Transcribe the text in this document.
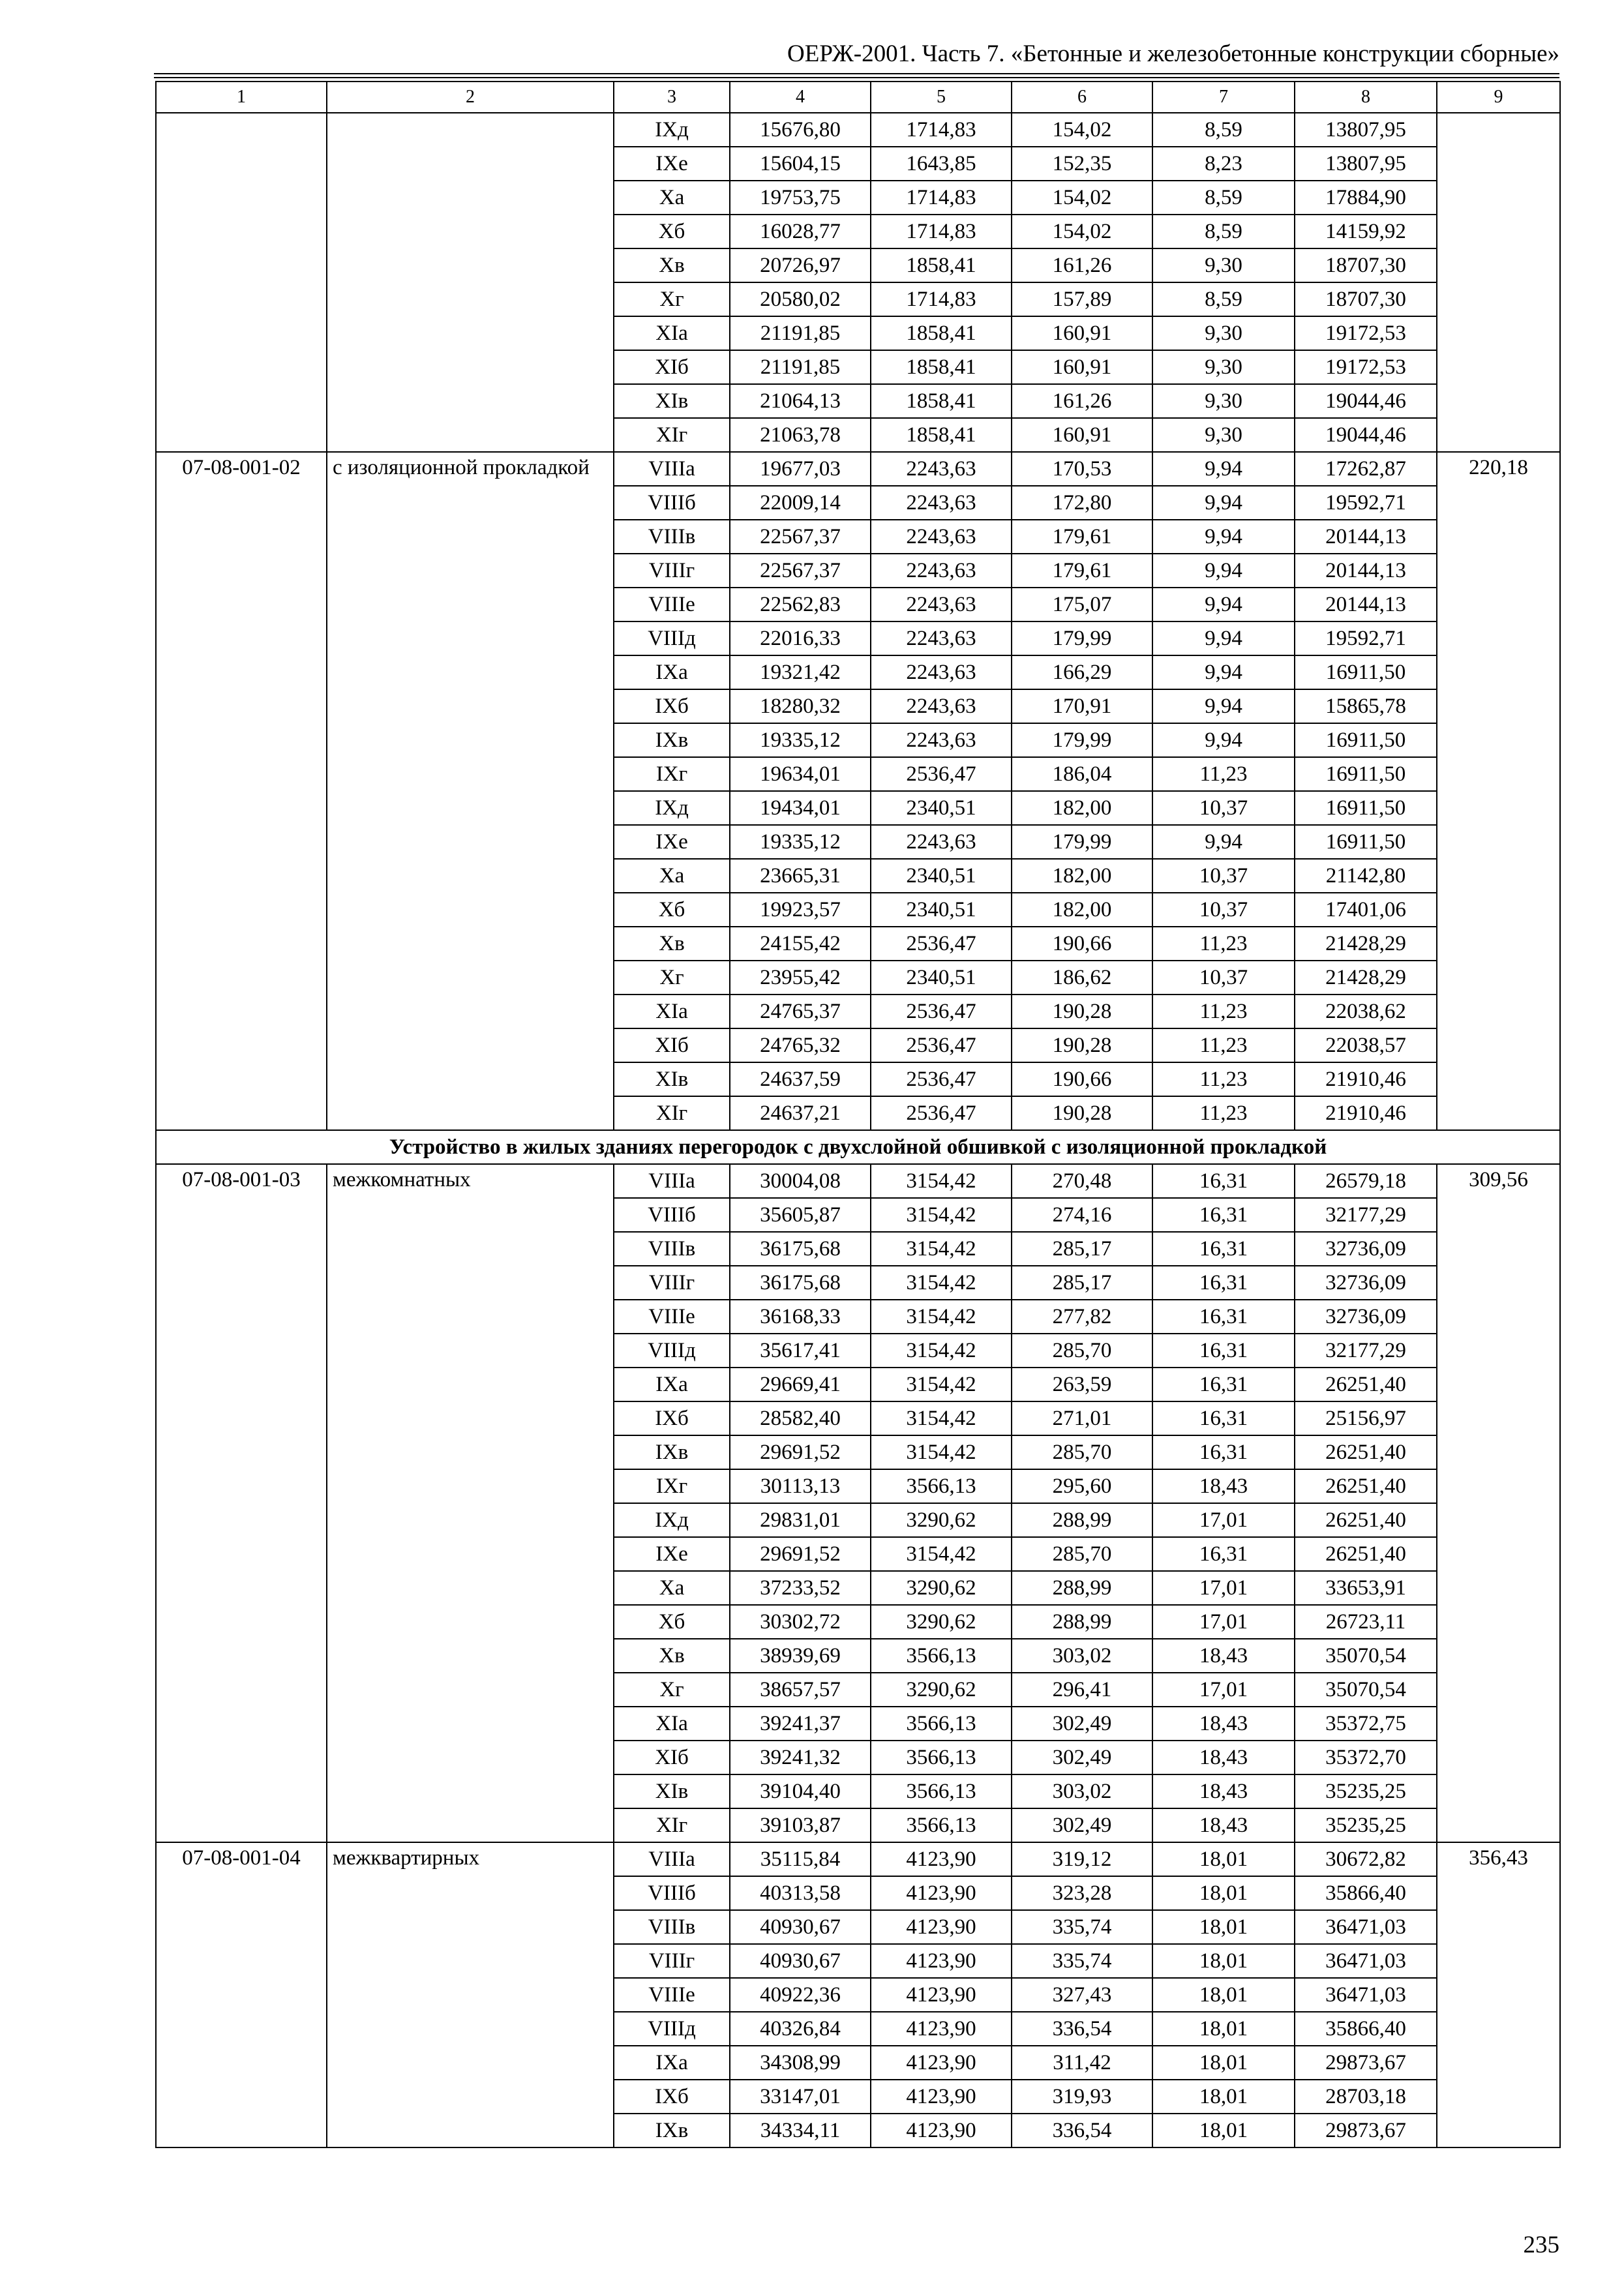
ОЕРЖ-2001. Часть 7. «Бетонные и железобетонные конструкции сборные»
1	2	3	4	5	6	7	8	9
		IXд	15676,80	1714,83	154,02	8,59	13807,95	
		IXе	15604,15	1643,85	152,35	8,23	13807,95	
		Xа	19753,75	1714,83	154,02	8,59	17884,90	
		Xб	16028,77	1714,83	154,02	8,59	14159,92	
		Xв	20726,97	1858,41	161,26	9,30	18707,30	
		Xг	20580,02	1714,83	157,89	8,59	18707,30	
		XIа	21191,85	1858,41	160,91	9,30	19172,53	
		XIб	21191,85	1858,41	160,91	9,30	19172,53	
		XIв	21064,13	1858,41	161,26	9,30	19044,46	
		XIг	21063,78	1858,41	160,91	9,30	19044,46	
07-08-001-02	с изоляционной прокладкой	VIIIа	19677,03	2243,63	170,53	9,94	17262,87	220,18
		VIIIб	22009,14	2243,63	172,80	9,94	19592,71	
		VIIIв	22567,37	2243,63	179,61	9,94	20144,13	
		VIIIг	22567,37	2243,63	179,61	9,94	20144,13	
		VIIIе	22562,83	2243,63	175,07	9,94	20144,13	
		VIIIд	22016,33	2243,63	179,99	9,94	19592,71	
		IXа	19321,42	2243,63	166,29	9,94	16911,50	
		IXб	18280,32	2243,63	170,91	9,94	15865,78	
		IXв	19335,12	2243,63	179,99	9,94	16911,50	
		IXг	19634,01	2536,47	186,04	11,23	16911,50	
		IXд	19434,01	2340,51	182,00	10,37	16911,50	
		IXе	19335,12	2243,63	179,99	9,94	16911,50	
		Xа	23665,31	2340,51	182,00	10,37	21142,80	
		Xб	19923,57	2340,51	182,00	10,37	17401,06	
		Xв	24155,42	2536,47	190,66	11,23	21428,29	
		Xг	23955,42	2340,51	186,62	10,37	21428,29	
		XIа	24765,37	2536,47	190,28	11,23	22038,62	
		XIб	24765,32	2536,47	190,28	11,23	22038,57	
		XIв	24637,59	2536,47	190,66	11,23	21910,46	
		XIг	24637,21	2536,47	190,28	11,23	21910,46	
Устройство в жилых зданиях перегородок с двухслойной обшивкой с изоляционной прокладкой								
07-08-001-03	межкомнатных	VIIIа	30004,08	3154,42	270,48	16,31	26579,18	309,56
		VIIIб	35605,87	3154,42	274,16	16,31	32177,29	
		VIIIв	36175,68	3154,42	285,17	16,31	32736,09	
		VIIIг	36175,68	3154,42	285,17	16,31	32736,09	
		VIIIе	36168,33	3154,42	277,82	16,31	32736,09	
		VIIIд	35617,41	3154,42	285,70	16,31	32177,29	
		IXа	29669,41	3154,42	263,59	16,31	26251,40	
		IXб	28582,40	3154,42	271,01	16,31	25156,97	
		IXв	29691,52	3154,42	285,70	16,31	26251,40	
		IXг	30113,13	3566,13	295,60	18,43	26251,40	
		IXд	29831,01	3290,62	288,99	17,01	26251,40	
		IXе	29691,52	3154,42	285,70	16,31	26251,40	
		Xа	37233,52	3290,62	288,99	17,01	33653,91	
		Xб	30302,72	3290,62	288,99	17,01	26723,11	
		Xв	38939,69	3566,13	303,02	18,43	35070,54	
		Xг	38657,57	3290,62	296,41	17,01	35070,54	
		XIа	39241,37	3566,13	302,49	18,43	35372,75	
		XIб	39241,32	3566,13	302,49	18,43	35372,70	
		XIв	39104,40	3566,13	303,02	18,43	35235,25	
		XIг	39103,87	3566,13	302,49	18,43	35235,25	
07-08-001-04	межквартирных	VIIIа	35115,84	4123,90	319,12	18,01	30672,82	356,43
		VIIIб	40313,58	4123,90	323,28	18,01	35866,40	
		VIIIв	40930,67	4123,90	335,74	18,01	36471,03	
		VIIIг	40930,67	4123,90	335,74	18,01	36471,03	
		VIIIе	40922,36	4123,90	327,43	18,01	36471,03	
		VIIIд	40326,84	4123,90	336,54	18,01	35866,40	
		IXа	34308,99	4123,90	311,42	18,01	29873,67	
		IXб	33147,01	4123,90	319,93	18,01	28703,18	
		IXв	34334,11	4123,90	336,54	18,01	29873,67	
235
